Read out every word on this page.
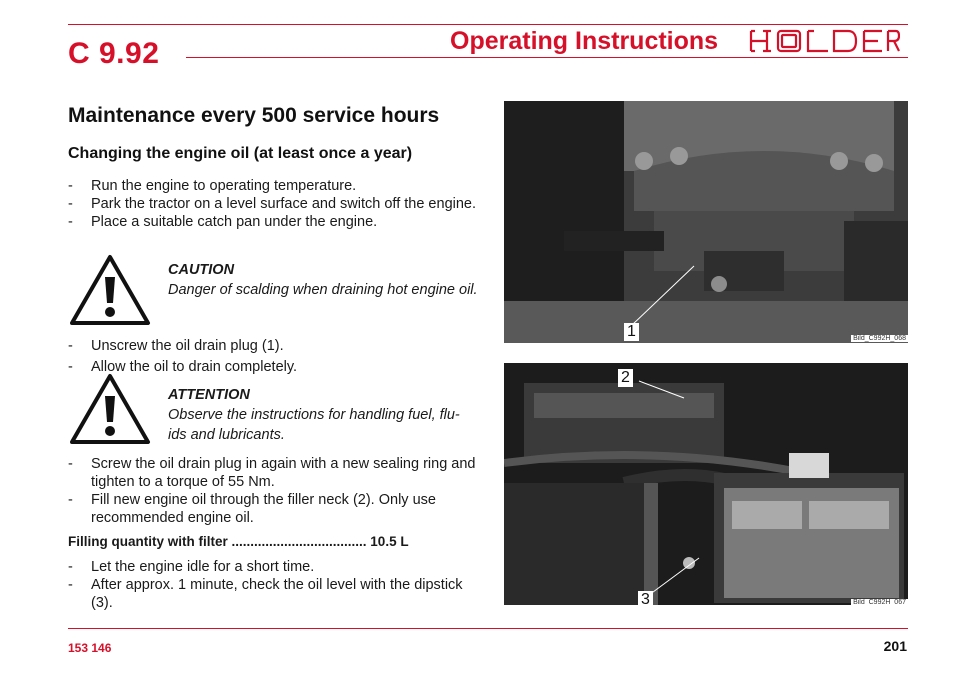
C 9.92	Operating Instructions
Maintenance every 500 service hours
Changing the engine oil (at least once a year)
- Run the engine to operating temperature.
- Park the tractor on a level surface and switch off the engine.
- Place a suitable catch pan under the engine.
CAUTION
Danger of scalding when draining hot engine oil.
- Unscrew the oil drain plug (1).
- Allow the oil to drain completely.
ATTENTION
Observe the instructions for handling fuel, flu-ids and lubricants.
- Screw the oil drain plug in again with a new sealing ring and tighten to a torque of 55 Nm.
- Fill new engine oil through the filler neck (2). Only use recommended engine oil.
Filling quantity with filter .................................... 10.5 L
- Let the engine idle for a short time.
- After approx. 1 minute, check the oil level with the dipstick (3).
1	Bild_C992H_068
2
3	Bild_C992H_067
153 146	201
